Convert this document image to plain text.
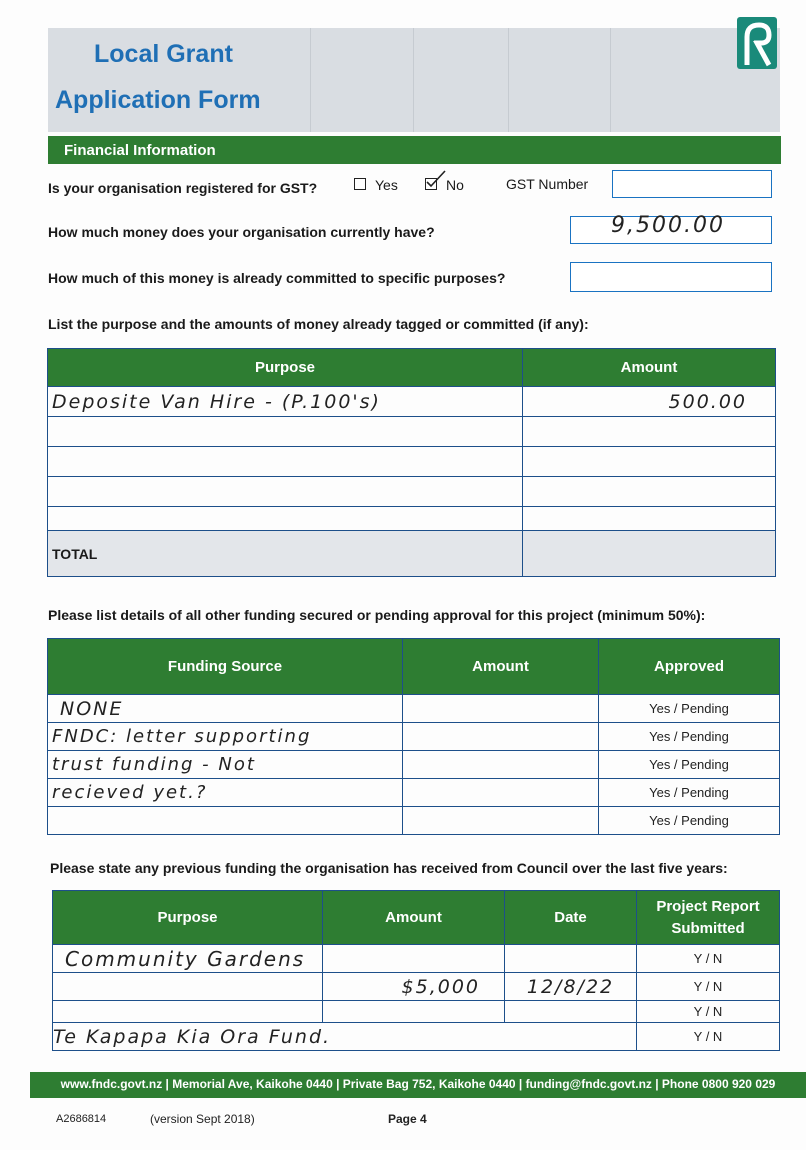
Local Grant
Application Form
Financial Information
Is your organisation registered for GST?	Yes	No	GST Number
How much money does your organisation currently have?	9,500.00
How much of this money is already committed to specific purposes?
List the purpose and the amounts of money already tagged or committed (if any):
Purpose	Amount
Deposite Van Hire - (P.100's)	500.00

TOTAL	
Please list details of all other funding secured or pending approval for this project (minimum 50%):
Funding Source	Amount	Approved
NONE		Yes / Pending
FNDC: letter supporting		Yes / Pending
trust funding - Not		Yes / Pending
recieved yet.?		Yes / Pending
		Yes / Pending
Please state any previous funding the organisation has received from Council over the last five years:
Purpose	Amount	Date	Project Report
Submitted

Community Gardens			Y / N
	$5,000	12/8/22	Y / N
			Y / N
Te Kapapa Kia Ora Fund.			Y / N
www.fndc.govt.nz | Memorial Ave, Kaikohe 0440 | Private Bag 752, Kaikohe 0440 | funding@fndc.govt.nz | Phone 0800 920 029
A2686814	(version Sept 2018)	Page 4
